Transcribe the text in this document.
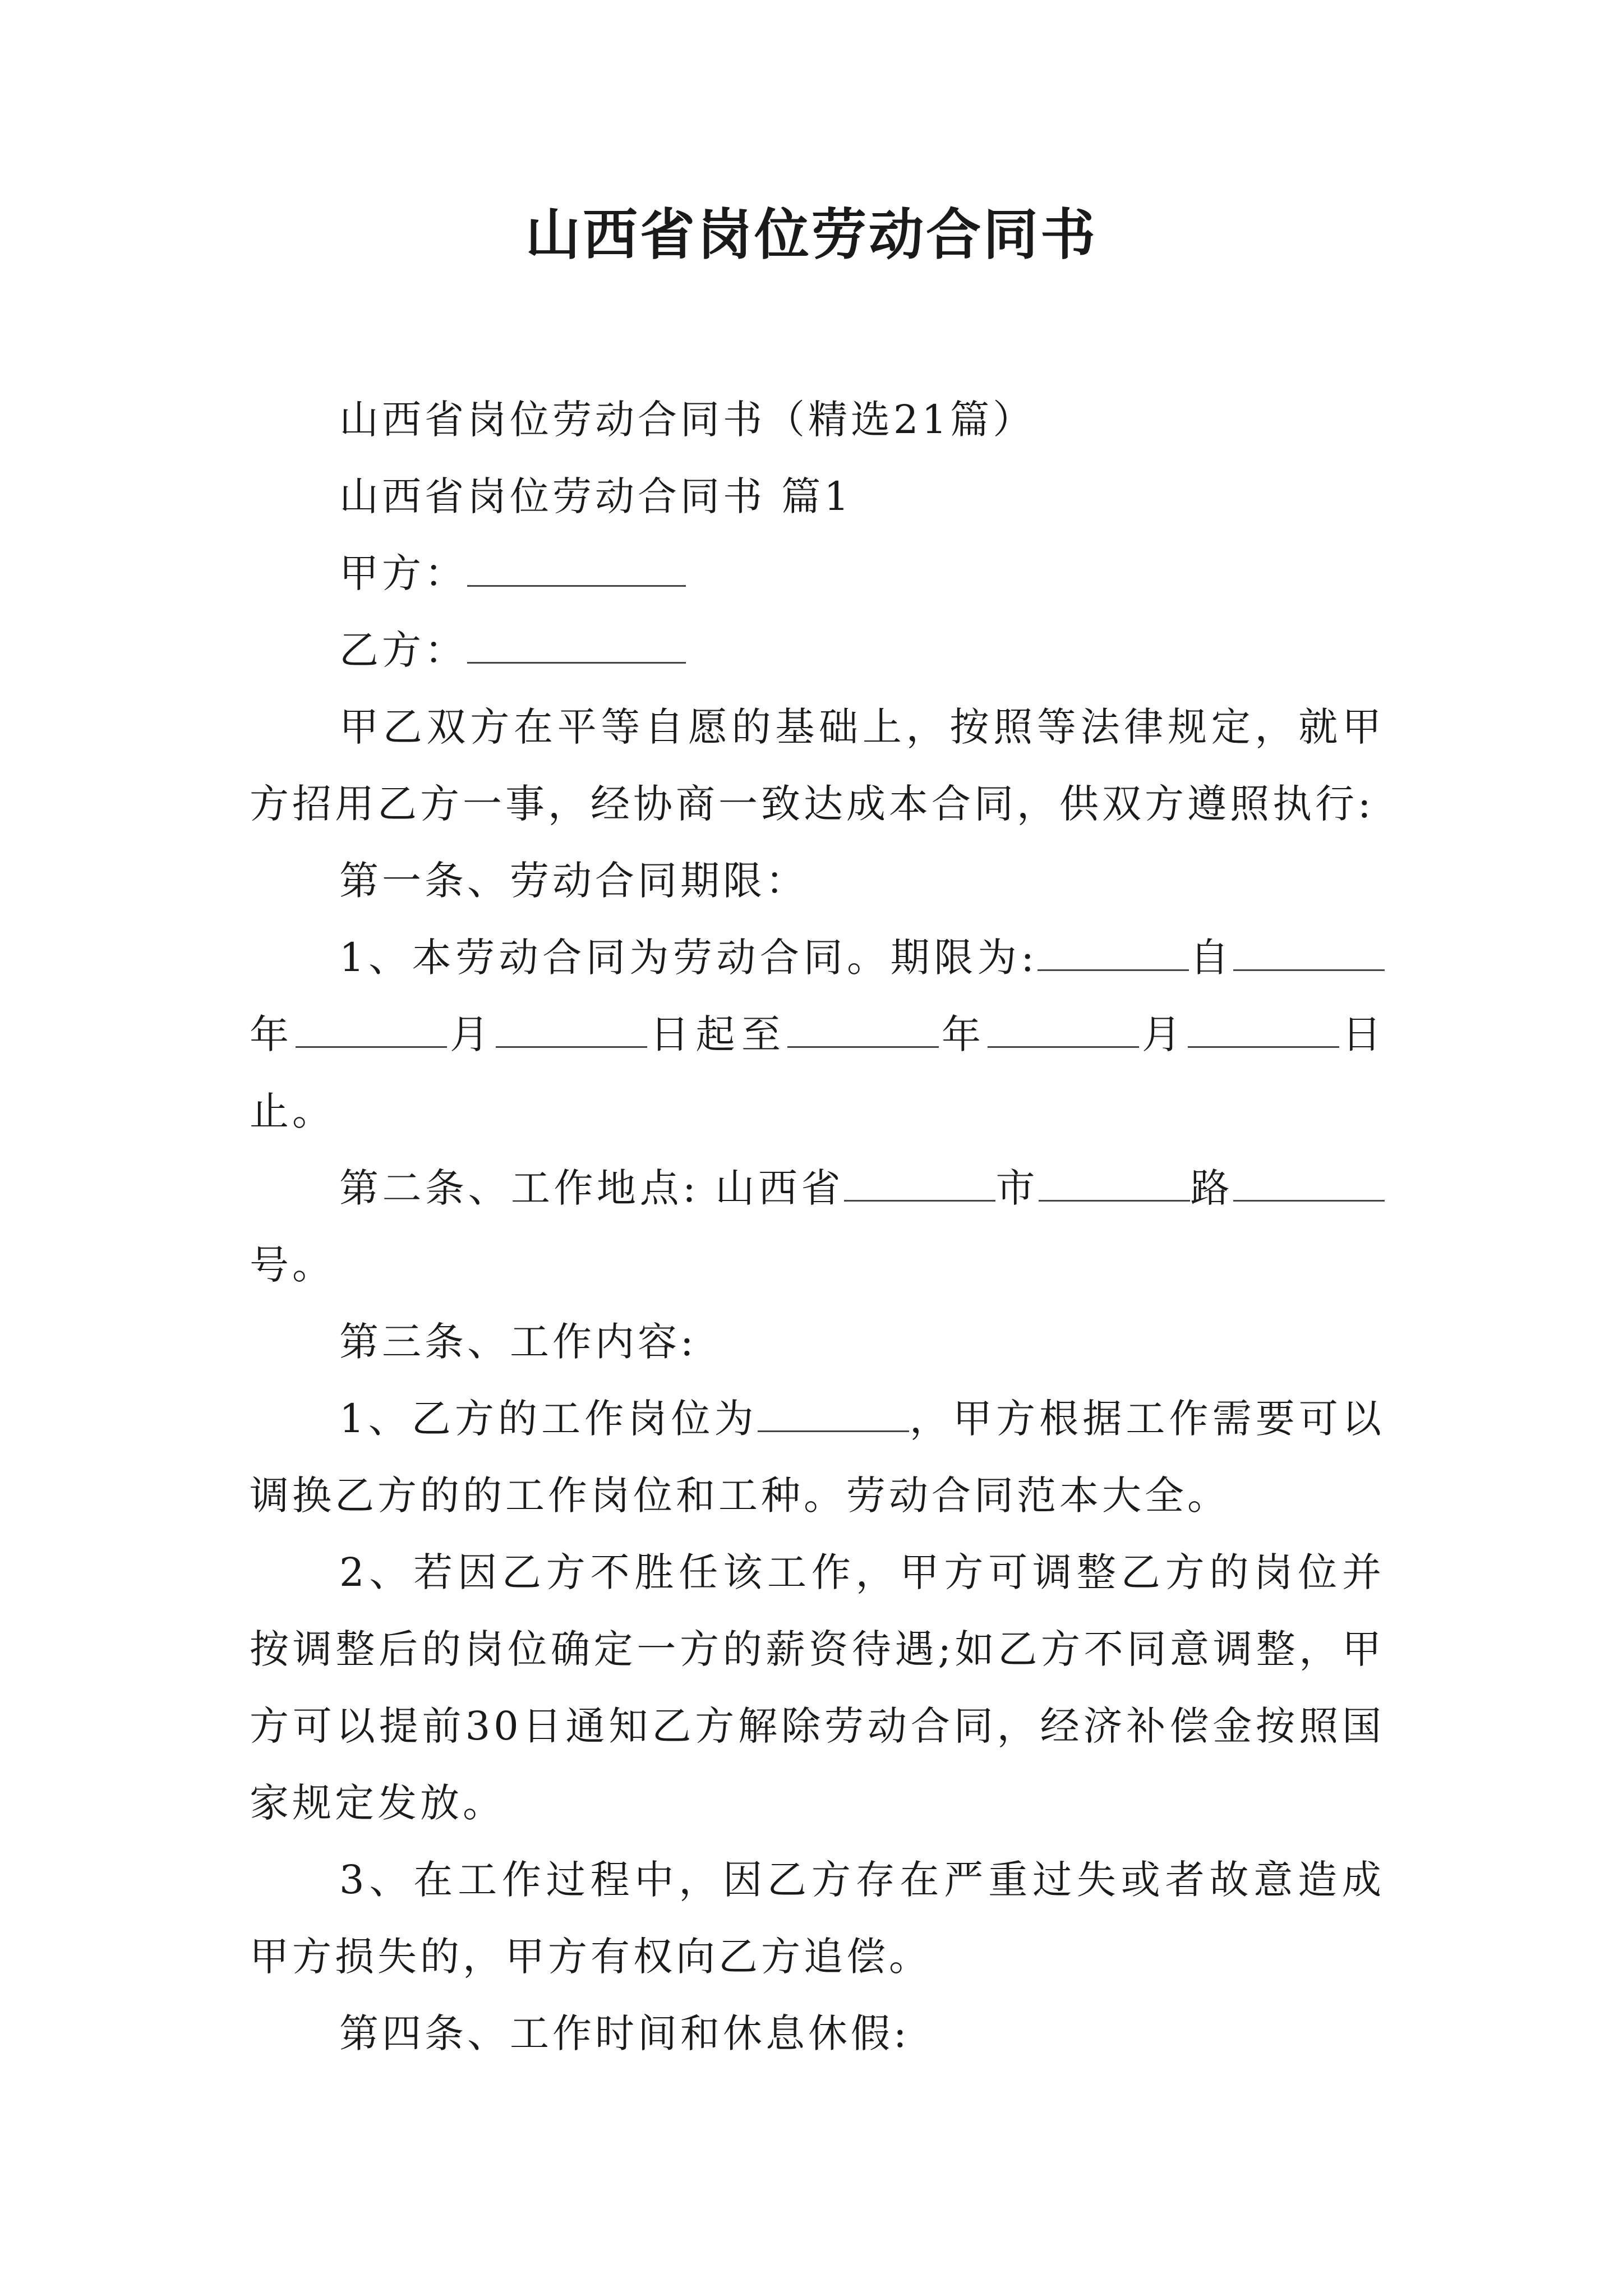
山西省岗位劳动合同书

山西省岗位劳动合同书（精选21篇）

山西省岗位劳动合同书 篇1

甲方：

乙方：

甲乙双方在平等自愿的基础上，按照等法律规定，就甲方招用乙方一事，经协商一致达成本合同，供双方遵照执行:

第一条、劳动合同期限：

1、本劳动合同为劳动合同。期限为:	自年	月	日起至	年	月	日止。

第二条、工作地点: 山西省	市	路号。

第三条、工作内容:

1、乙方的工作岗位为	，甲方根据工作需要可以调换乙方的的工作岗位和工种。劳动合同范本大全。

2、若因乙方不胜任该工作，甲方可调整乙方的岗位并按调整后的岗位确定一方的薪资待遇;如乙方不同意调整，甲方可以提前30日通知乙方解除劳动合同，经济补偿金按照国家规定发放。

3、在工作过程中，因乙方存在严重过失或者故意造成甲方损失的，甲方有权向乙方追偿。

第四条、工作时间和休息休假:
